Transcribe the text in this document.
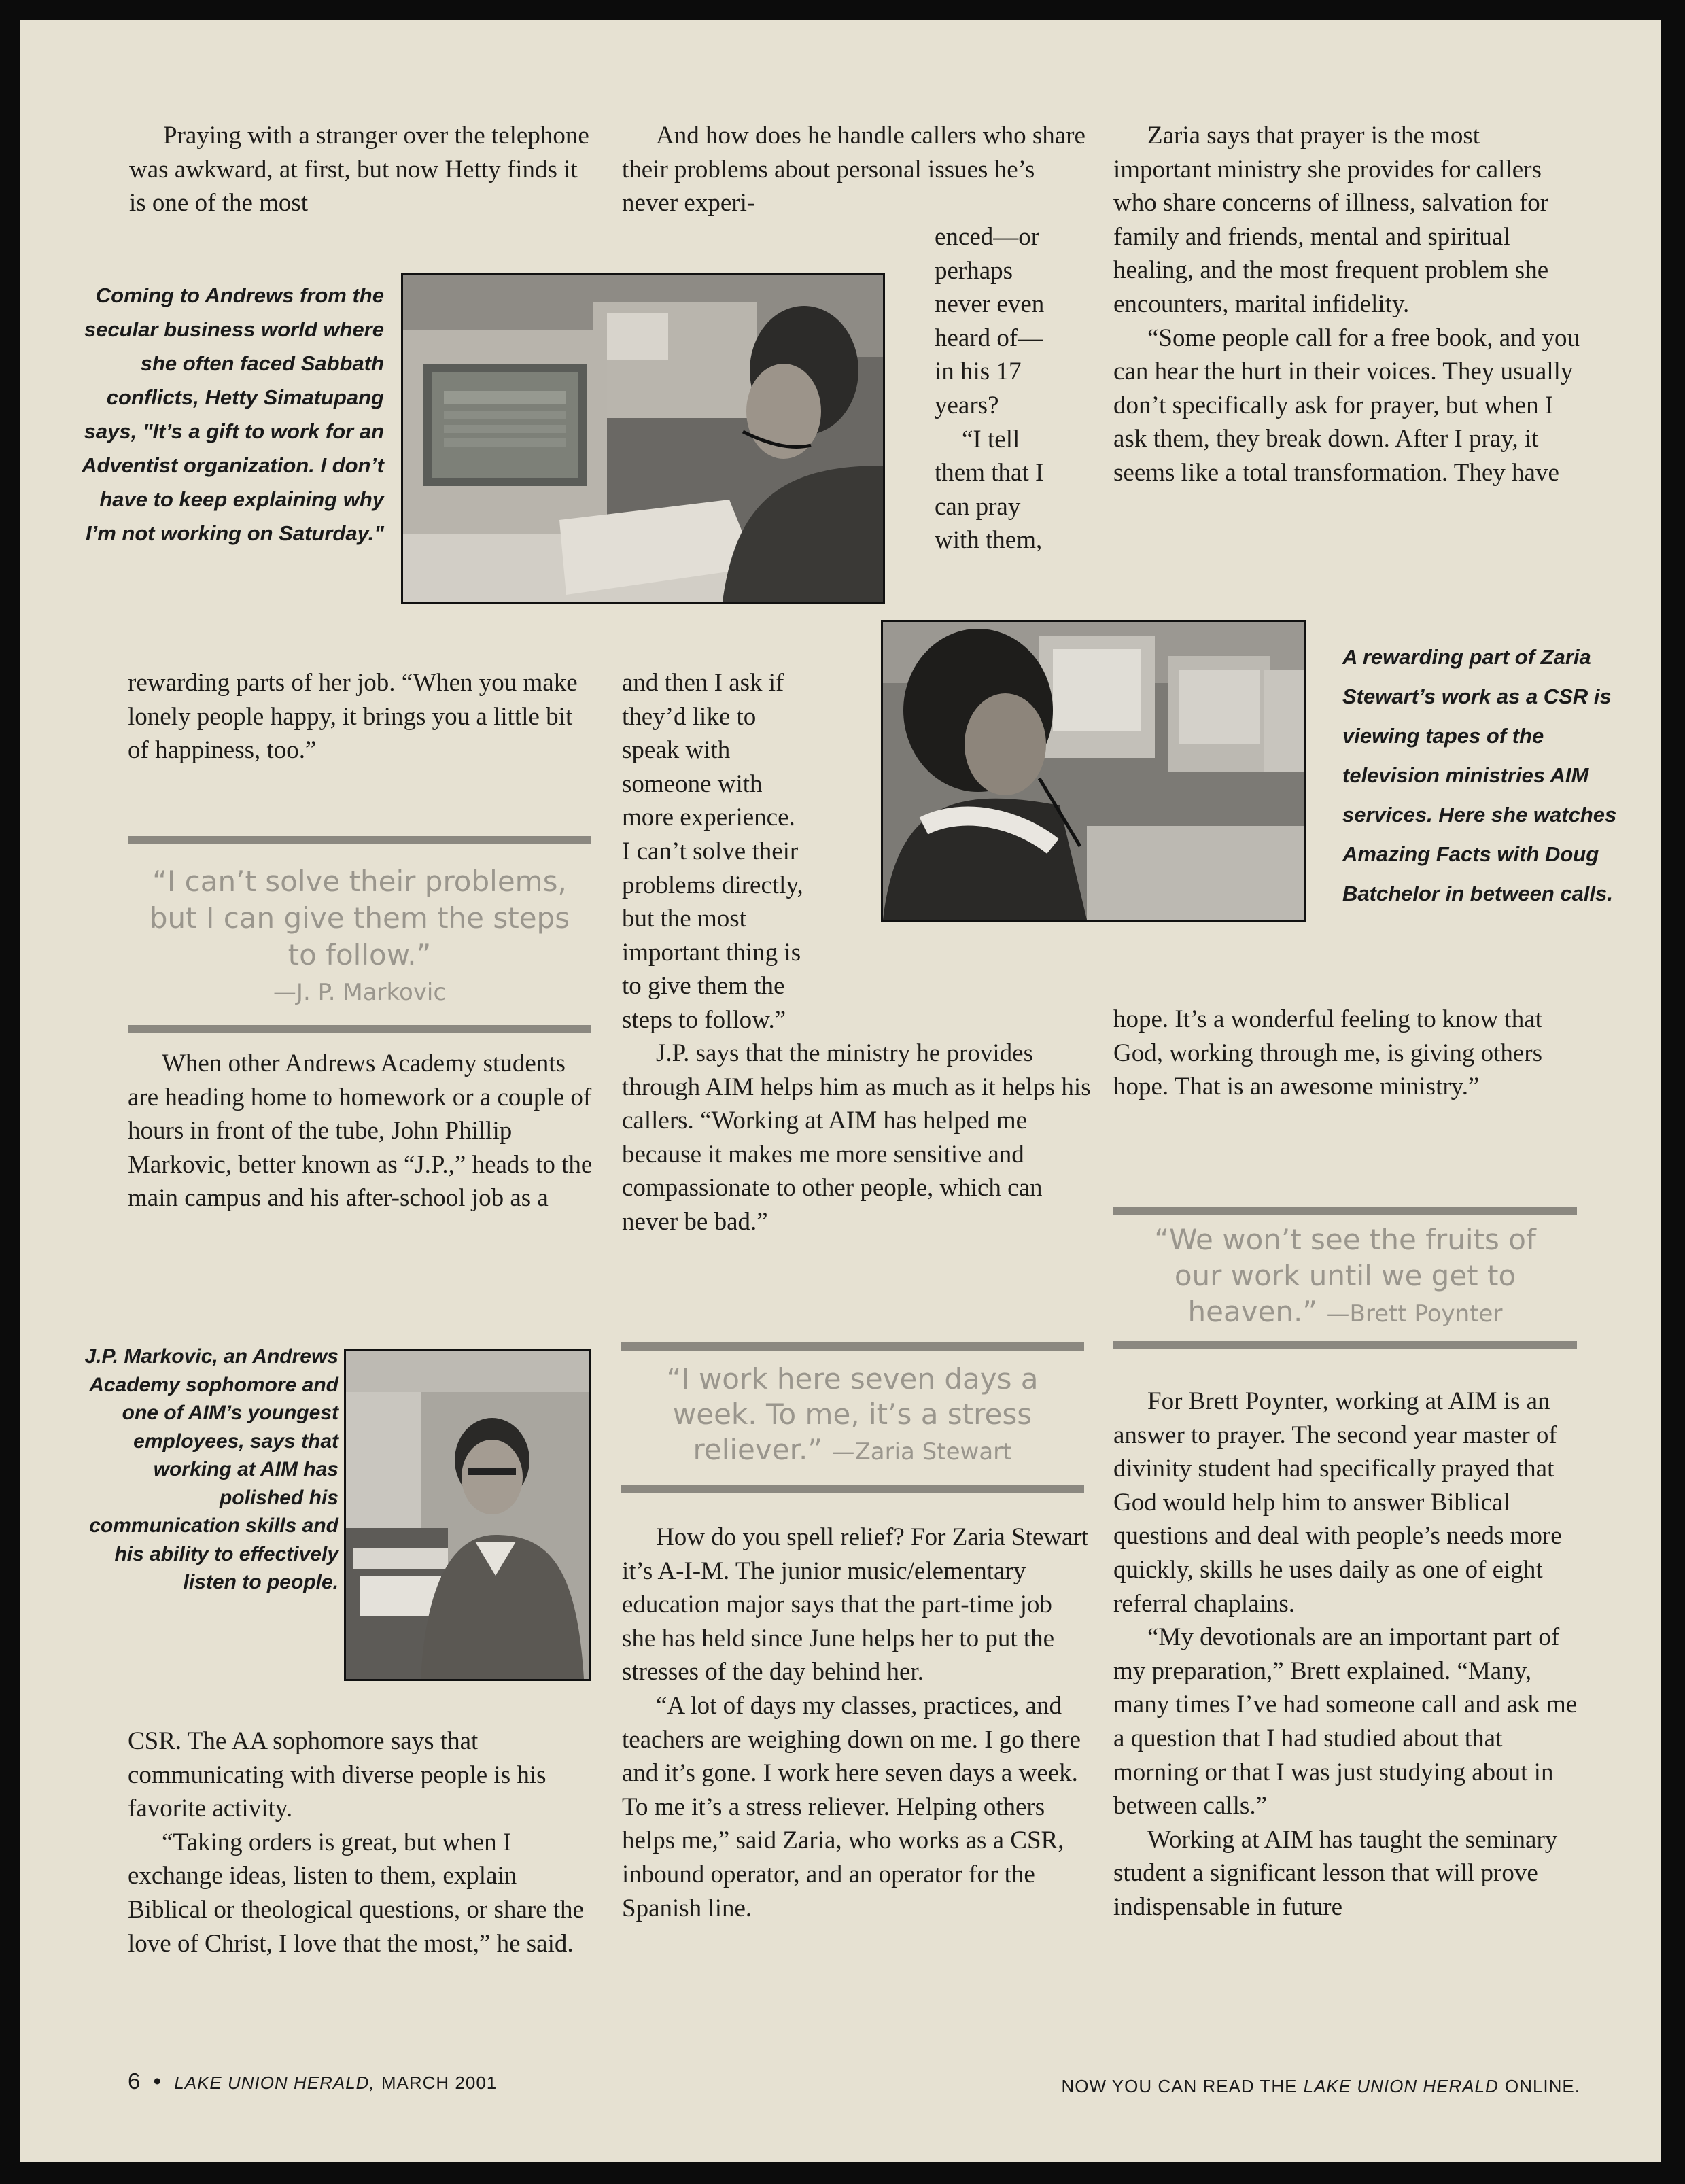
Praying with a stranger over the telephone was awkward, at first, but now Hetty finds it is one of the most

Coming to Andrews from the secular business world where she often faced Sabbath conflicts, Hetty Simatupang says, "It’s a gift to work for an Adventist organization. I don’t have to keep explaining why I’m not working on Saturday."

rewarding parts of her job. “When you make lonely people happy, it brings you a little bit of happiness, too.”

“I can’t solve their problems, but I can give them the steps to follow.”
—J. P. Markovic

When other Andrews Academy students are heading home to homework or a couple of hours in front of the tube, John Phillip Markovic, better known as “J.P.,” heads to the main campus and his after-school job as a

J.P. Markovic, an Andrews Academy sophomore and one of AIM’s youngest employees, says that working at AIM has polished his communication skills and his ability to effectively listen to people.

CSR. The AA sophomore says that communicating with diverse people is his favorite activity.

“Taking orders is great, but when I exchange ideas, listen to them, explain Biblical or theological questions, or share the love of Christ, I love that the most,” he said.

And how does he handle callers who share their problems about personal issues he’s never experi-

enced—or
perhaps
never even
heard of—
in his 17
years?
“I tell
them that I
can pray
with them,
and then I ask if
they’d like to
speak with
someone with
more experience.
I can’t solve their
problems directly,
but the most
important thing is
to give them the
steps to follow.”

J.P. says that the ministry he provides through AIM helps him as much as it helps his callers. “Working at AIM has helped me because it makes me more sensitive and compassionate to other people, which can never be bad.”

“I work here seven days a week. To me, it’s a stress reliever.” —Zaria Stewart

How do you spell relief? For Zaria Stewart it’s A-I-M. The junior music/elementary education major says that the part-time job she has held since June helps her to put the stresses of the day behind her.

“A lot of days my classes, practices, and teachers are weighing down on me. I go there and it’s gone. I work here seven days a week. To me it’s a stress reliever. Helping others helps me,” said Zaria, who works as a CSR, inbound operator, and an operator for the Spanish line.

Zaria says that prayer is the most important ministry she provides for callers who share concerns of illness, salvation for family and friends, mental and spiritual healing, and the most frequent problem she encounters, marital infidelity.

“Some people call for a free book, and you can hear the hurt in their voices. They usually don’t specifically ask for prayer, but when I ask them, they break down. After I pray, it seems like a total transformation. They have

A rewarding part of Zaria Stewart’s work as a CSR is viewing tapes of the television ministries AIM services. Here she watches Amazing Facts with Doug Batchelor in between calls.

hope. It’s a wonderful feeling to know that God, working through me, is giving others hope. That is an awesome ministry.”

“We won’t see the fruits of our work until we get to heaven.” —Brett Poynter

For Brett Poynter, working at AIM is an answer to prayer. The second year master of divinity student had specifically prayed that God would help him to answer Biblical questions and deal with people’s needs more quickly, skills he uses daily as one of eight referral chaplains.

“My devotionals are an important part of my preparation,” Brett explained. “Many, many times I’ve had someone call and ask me a question that I had studied about that morning or that I was just studying about in between calls.”

Working at AIM has taught the seminary student a significant lesson that will prove indispensable in future

6 • LAKE UNION HERALD, MARCH 2001	NOW YOU CAN READ THE LAKE UNION HERALD ONLINE.
